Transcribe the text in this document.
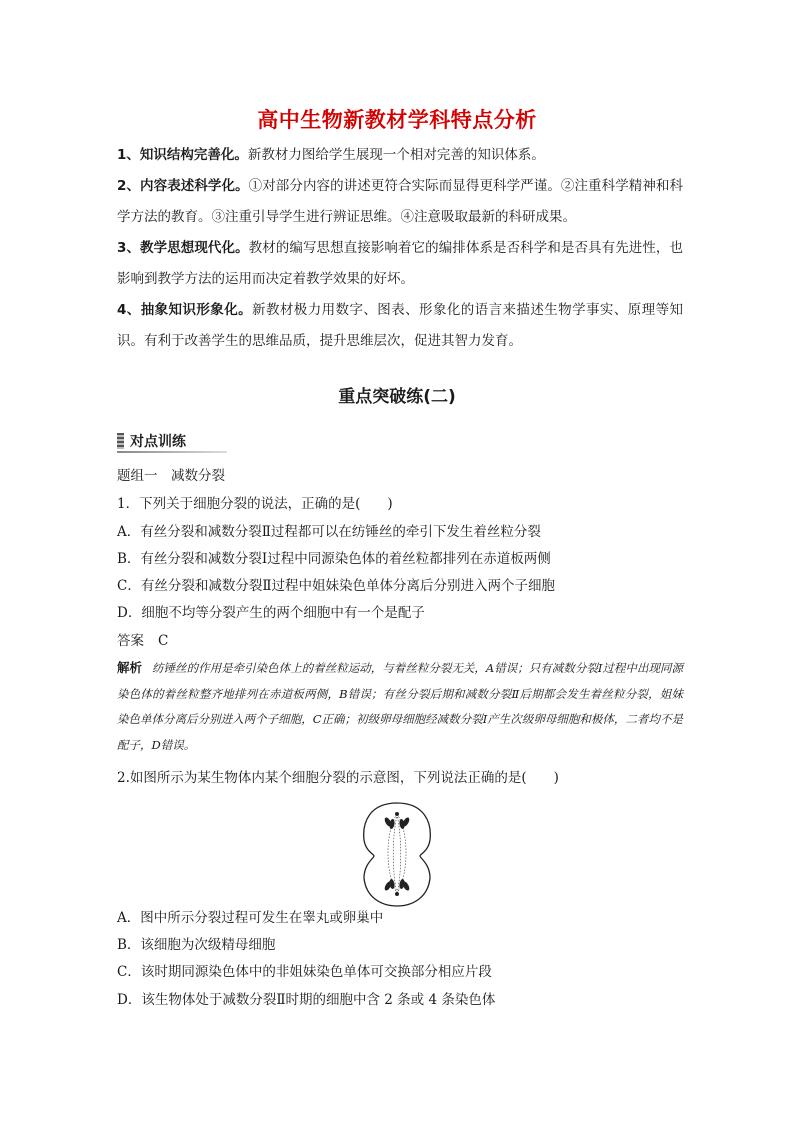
高中生物新教材学科特点分析

1、知识结构完善化。新教材力图给学生展现一个相对完善的知识体系。

2、内容表述科学化。①对部分内容的讲述更符合实际而显得更科学严谨。②注重科学精神和科学方法的教育。③注重引导学生进行辨证思维。④注意吸取最新的科研成果。

3、教学思想现代化。教材的编写思想直接影响着它的编排体系是否科学和是否具有先进性，也影响到教学方法的运用而决定着教学效果的好坏。

4、抽象知识形象化。新教材极力用数字、图表、形象化的语言来描述生物学事实、原理等知识。有利于改善学生的思维品质，提升思维层次，促进其智力发育。

重点突破练(二)
对点训练
题组一　减数分裂
1．下列关于细胞分裂的说法，正确的是(　　)
A．有丝分裂和减数分裂Ⅱ过程都可以在纺锤丝的牵引下发生着丝粒分裂
B．有丝分裂和减数分裂Ⅰ过程中同源染色体的着丝粒都排列在赤道板两侧
C．有丝分裂和减数分裂Ⅱ过程中姐妹染色单体分离后分别进入两个子细胞
D．细胞不均等分裂产生的两个细胞中有一个是配子
答案 C

解析 纺锤丝的作用是牵引染色体上的着丝粒运动，与着丝粒分裂无关，A错误；只有减数分裂Ⅰ过程中出现同源染色体的着丝粒整齐地排列在赤道板两侧，B错误；有丝分裂后期和减数分裂Ⅱ后期都会发生着丝粒分裂，姐妹染色单体分离后分别进入两个子细胞，C正确；初级卵母细胞经减数分裂Ⅰ产生次级卵母细胞和极体，二者均不是配子，D错误。

2.如图所示为某生物体内某个细胞分裂的示意图，下列说法正确的是(　　)
A．图中所示分裂过程可发生在睾丸或卵巢中
B．该细胞为次级精母细胞
C．该时期同源染色体中的非姐妹染色单体可交换部分相应片段
D．该生物体处于减数分裂Ⅱ时期的细胞中含 2 条或 4 条染色体
